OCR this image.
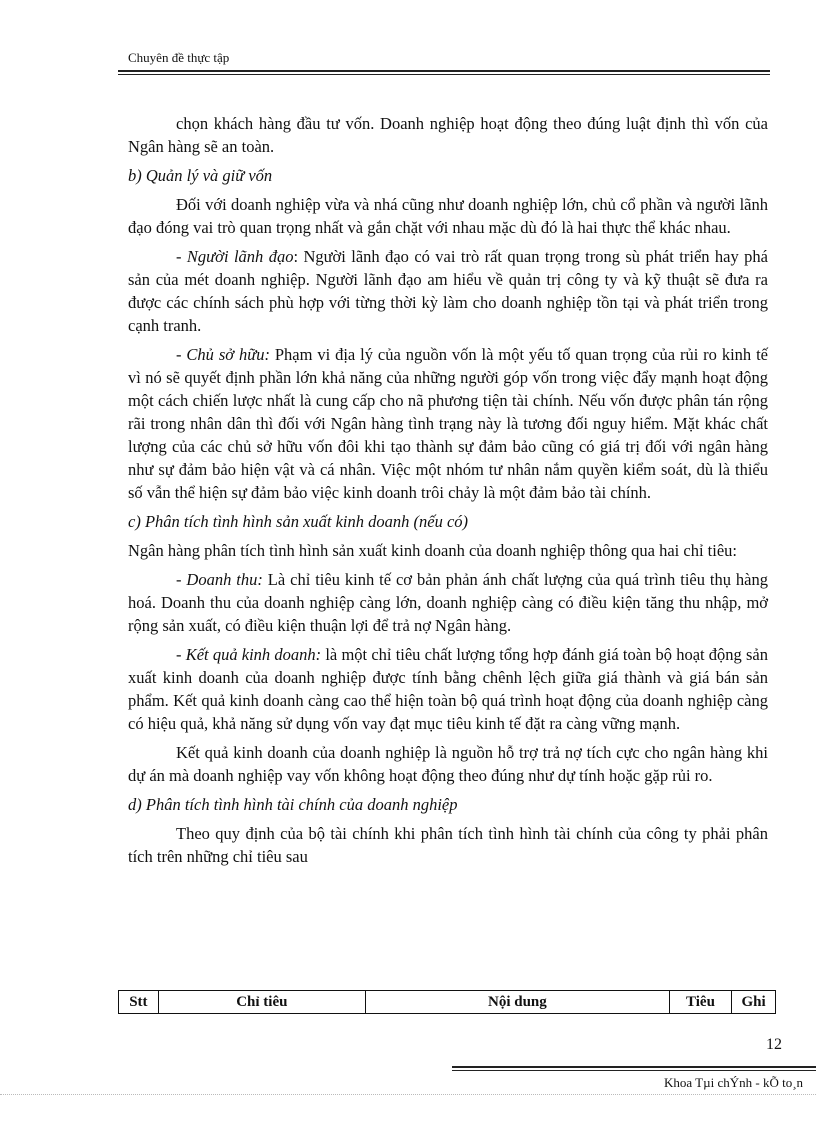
Chuyên đề thực tập

chọn khách hàng đầu tư vốn. Doanh nghiệp hoạt động theo đúng luật định thì vốn của Ngân hàng sẽ an toàn.

b) Quản lý và giữ vốn

Đối với doanh nghiệp vừa và nhá cũng như doanh nghiệp lớn, chủ cổ phần và người lãnh đạo đóng vai trò quan trọng nhất và gắn chặt với nhau mặc dù đó là hai thực thể khác nhau.

- Người lãnh đạo: Người lãnh đạo có vai trò rất quan trọng trong sù phát triển hay phá sản của mét doanh nghiệp. Người lãnh đạo am hiểu về quản trị công ty và kỹ thuật sẽ đưa ra được các chính sách phù hợp với từng thời kỳ làm cho doanh nghiệp tồn tại và phát triển trong cạnh tranh.

- Chủ sở hữu: Phạm vi địa lý của nguồn vốn là một yếu tố quan trọng của rủi ro kinh tế vì nó sẽ quyết định phần lớn khả năng của những người góp vốn trong việc đẩy mạnh hoạt động một cách chiến lược nhất là cung cấp cho nã phương tiện tài chính. Nếu vốn được phân tán rộng rãi trong nhân dân thì đối với Ngân hàng tình trạng này là tương đối nguy hiểm. Mặt khác chất lượng của các chủ sở hữu vốn đôi khi tạo thành sự đảm bảo cũng có giá trị đối với ngân hàng như sự đảm bảo hiện vật và cá nhân. Việc một nhóm tư nhân nắm quyền kiểm soát, dù là thiểu số vẫn thể hiện sự đảm bảo việc kinh doanh trôi chảy là một đảm bảo tài chính.

c) Phân tích tình hình sản xuất kinh doanh (nếu có)

Ngân hàng phân tích tình hình sản xuất kinh doanh của doanh nghiệp thông qua hai chỉ tiêu:

- Doanh thu: Là chỉ tiêu kinh tế cơ bản phản ánh chất lượng của quá trình tiêu thụ hàng hoá. Doanh thu của doanh nghiệp càng lớn, doanh nghiệp càng có điều kiện tăng thu nhập, mở rộng sản xuất, có điều kiện thuận lợi để trả nợ Ngân hàng.

- Kết quả kinh doanh: là một chỉ tiêu chất lượng tổng hợp đánh giá toàn bộ hoạt động sản xuất kinh doanh của doanh nghiệp được tính bằng chênh lệch giữa giá thành và giá bán sản phẩm. Kết quả kinh doanh càng cao thể hiện toàn bộ quá trình hoạt động của doanh nghiệp càng có hiệu quả, khả năng sử dụng vốn vay đạt mục tiêu kinh tế đặt ra càng vững mạnh.

Kết quả kinh doanh của doanh nghiệp là nguồn hỗ trợ trả nợ tích cực cho ngân hàng khi dự án mà doanh nghiệp vay vốn không hoạt động theo đúng như dự tính hoặc gặp rủi ro.

d) Phân tích tình hình tài chính của doanh nghiệp

Theo quy định của bộ tài chính khi phân tích tình hình tài chính của công ty phải phân tích trên những chỉ tiêu sau

Stt	Chỉ tiêu	Nội dung	Tiêu	Ghi
12
Khoa Tµi chÝnh - kÕ to¸n
